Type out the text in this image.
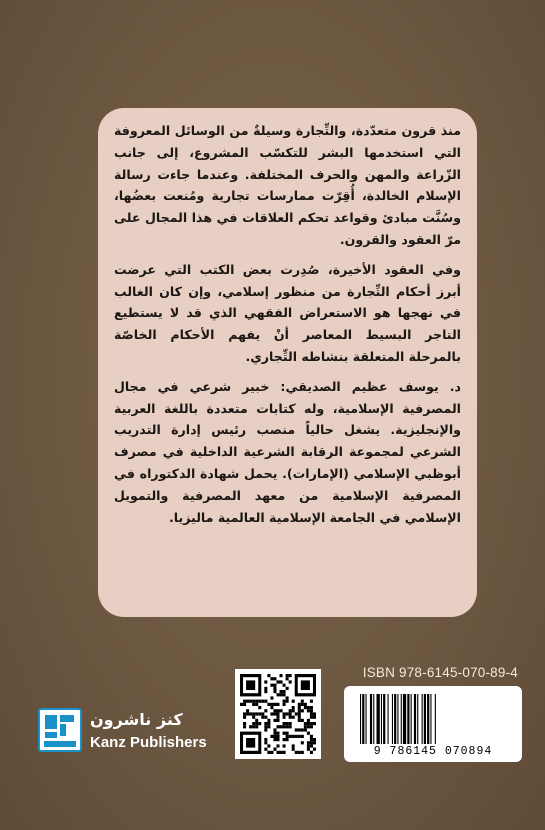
منذ قرون متعدّدة، والتِّجارة وسيلةٌ من الوسائل المعروفة التي استخدمها البشر للتكسّب المشروع، إلى جانب الزّراعة والمهن والحرف المختلفة. وعندما جاءت رسالة الإسلام الخالدة، أُقِرّت ممارسات تجارية ومُنعت بعضُها، وسُنَّت مبادئ وقواعد تحكم العلاقات في هذا المجال على مرّ العقود والقرون.

وفي العقود الأخيرة، صُدِرت بعض الكتب التي عرضت أبرز أحكام التِّجارة من منظور إسلامي، وإن كان الغالب في نهجها هو الاستعراض الفقهي الذي قد لا يستطيع التاجر البسيط المعاصر أنْ يفهم الأحكام الخاصّة بالمرحلة المتعلقة بنشاطه التِّجاري.

د. يوسف عظيم الصديقي: خبير شرعي في مجال المصرفية الإسلامية، وله كتابات متعددة باللغة العربية والإنجليزية. يشغل حالياً منصب رئيس إدارة التدريب الشرعي لمجموعة الرقابة الشرعية الداخلية في مصرف أبوظبي الإسلامي (الإمارات). يحمل شهادة الدكتوراه في المصرفية الإسلامية من معهد المصرفية والتمويل الإسلامي في الجامعة الإسلامية العالمية ماليزيا.

ISBN 978-6145-070-89-4
9 786145 070894
كنز ناشرون
Kanz Publishers
